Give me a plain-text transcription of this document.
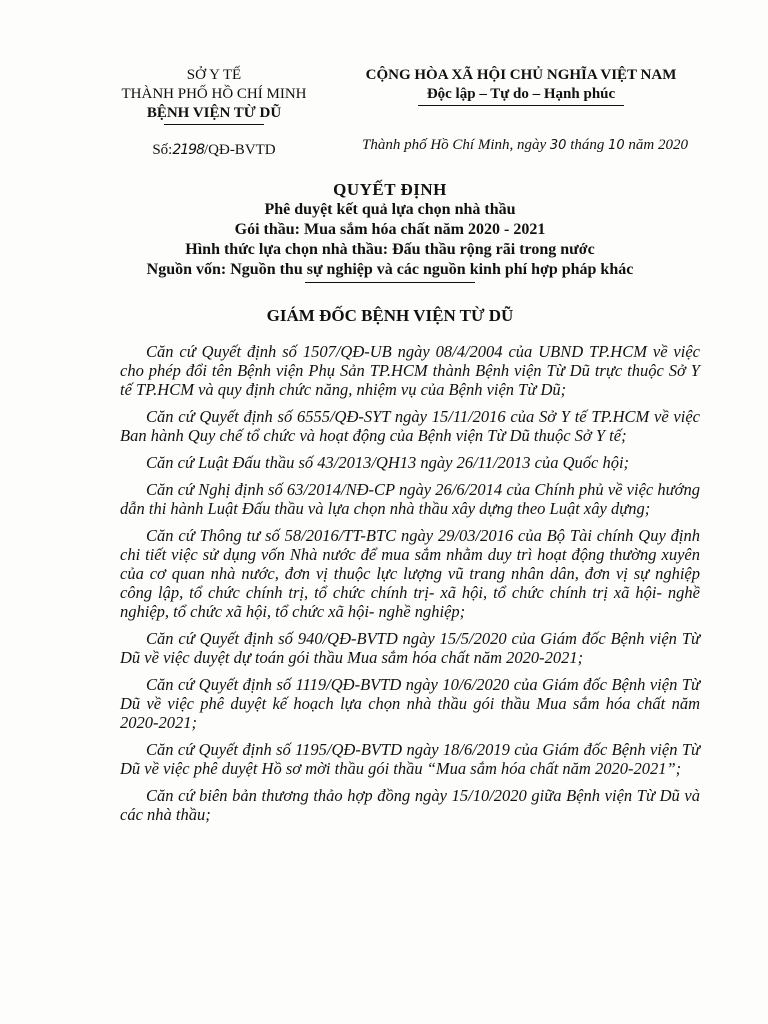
SỞ Y TẾ
THÀNH PHỐ HỒ CHÍ MINH
BỆNH VIỆN TỪ DŨ
Số:2198/QĐ-BVTD
CỘNG HÒA XÃ HỘI CHỦ NGHĨA VIỆT NAM
Độc lập – Tự do – Hạnh phúc
Thành phố Hồ Chí Minh, ngày 30 tháng 10 năm 2020
QUYẾT ĐỊNH
Phê duyệt kết quả lựa chọn nhà thầu
Gói thầu: Mua sắm hóa chất năm 2020 - 2021
Hình thức lựa chọn nhà thầu: Đấu thầu rộng rãi trong nước
Nguồn vốn: Nguồn thu sự nghiệp và các nguồn kinh phí hợp pháp khác
GIÁM ĐỐC BỆNH VIỆN TỪ DŨ

Căn cứ Quyết định số 1507/QĐ-UB ngày 08/4/2004 của UBND TP.HCM về việc cho phép đổi tên Bệnh viện Phụ Sản TP.HCM thành Bệnh viện Từ Dũ trực thuộc Sở Y tế TP.HCM và quy định chức năng, nhiệm vụ của Bệnh viện Từ Dũ;

Căn cứ Quyết định số 6555/QĐ-SYT ngày 15/11/2016 của Sở Y tế TP.HCM về việc Ban hành Quy chế tổ chức và hoạt động của Bệnh viện Từ Dũ thuộc Sở Y tế;

Căn cứ Luật Đấu thầu số 43/2013/QH13 ngày 26/11/2013 của Quốc hội;

Căn cứ Nghị định số 63/2014/NĐ-CP ngày 26/6/2014 của Chính phủ về việc hướng dẫn thi hành Luật Đấu thầu và lựa chọn nhà thầu xây dựng theo Luật xây dựng;

Căn cứ Thông tư số 58/2016/TT-BTC ngày 29/03/2016 của Bộ Tài chính Quy định chi tiết việc sử dụng vốn Nhà nước để mua sắm nhằm duy trì hoạt động thường xuyên của cơ quan nhà nước, đơn vị thuộc lực lượng vũ trang nhân dân, đơn vị sự nghiệp công lập, tổ chức chính trị, tổ chức chính trị- xã hội, tổ chức chính trị xã hội- nghề nghiệp, tổ chức xã hội, tổ chức xã hội- nghề nghiệp;

Căn cứ Quyết định số 940/QĐ-BVTD ngày 15/5/2020 của Giám đốc Bệnh viện Từ Dũ về việc duyệt dự toán gói thầu Mua sắm hóa chất năm 2020-2021;

Căn cứ Quyết định số 1119/QĐ-BVTD ngày 10/6/2020 của Giám đốc Bệnh viện Từ Dũ về việc phê duyệt kế hoạch lựa chọn nhà thầu gói thầu Mua sắm hóa chất năm 2020-2021;

Căn cứ Quyết định số 1195/QĐ-BVTD ngày 18/6/2019 của Giám đốc Bệnh viện Từ Dũ về việc phê duyệt Hồ sơ mời thầu gói thầu “Mua sắm hóa chất năm 2020-2021”;

Căn cứ biên bản thương thảo hợp đồng ngày 15/10/2020 giữa Bệnh viện Từ Dũ và các nhà thầu;
